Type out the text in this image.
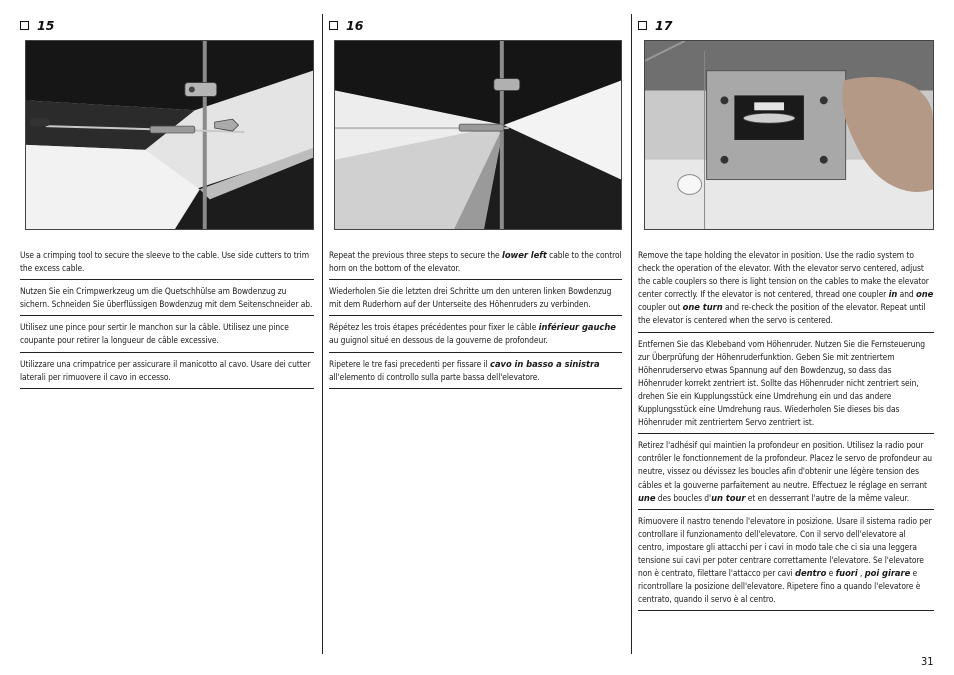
15

Use a crimping tool to secure the sleeve to the cable. Use side cutters to trim the excess cable.

Nutzen Sie ein Crimpwerkzeug um die Quetschhülse am Bowdenzug zu sichern. Schneiden Sie überflüssigen Bowdenzug mit dem Seitenschneider ab.

Utilisez une pince pour sertir le manchon sur la câble. Utilisez une pince coupante pour retirer la longueur de câble excessive.

Utilizzare una crimpatrice per assicurare il manicotto al cavo. Usare dei cutter laterali per rimuovere il cavo in eccesso.

16

Repeat the previous three steps to secure the lower left cable to the control horn on the bottom of the elevator.

Wiederholen Sie die letzten drei Schritte um den unteren linken Bowdenzug mit dem Ruderhorn auf der Unterseite des Höhenruders zu verbinden.

Répétez les trois étapes précédentes pour fixer le câble inférieur gauche au guignol situé en dessous de la gouverne de profondeur.

Ripetere le tre fasi precedenti per fissare il cavo in basso a sinistra all'elemento di controllo sulla parte bassa dell'elevatore.

17

Remove the tape holding the elevator in position. Use the radio system to check the operation of the elevator. With the elevator servo centered, adjust the cable couplers so there is light tension on the cables to make the elevator center correctly. If the elevator is not centered, thread one coupler in and one coupler out one turn and re-check the position of the elevator. Repeat until the elevator is centered when the servo is centered.

Entfernen Sie das Klebeband vom Höhenruder. Nutzen Sie die Fernsteuerung zur Überprüfung der Höhenruderfunktion. Geben Sie mit zentriertem Höhenruderservo etwas Spannung auf den Bowdenzug, so dass das Höhenruder korrekt zentriert ist. Sollte das Höhenruder nicht zentriert sein, drehen Sie ein Kupplungsstück eine Umdrehung ein und das andere Kupplungsstück eine Umdrehung raus. Wiederholen Sie dieses bis das Höhenruder mit zentriertem Servo zentriert ist.

Retirez l'adhésif qui maintien la profondeur en position. Utilisez la radio pour contrôler le fonctionnement de la profondeur. Placez le servo de profondeur au neutre, vissez ou dévissez les boucles afin d'obtenir une légère tension des câbles et la gouverne parfaitement au neutre. Effectuez le réglage en serrant une des boucles d'un tour et en desserrant l'autre de la même valeur.

Rimuovere il nastro tenendo l'elevatore in posizione. Usare il sistema radio per controllare il funzionamento dell'elevatore. Con il servo dell'elevatore al centro, impostare gli attacchi per i cavi in modo tale che ci sia una leggera tensione sui cavi per poter centrare correttamente l'elevatore. Se l'elevatore non è centrato, filettare l'attacco per cavi dentro e fuori , poi girare e ricontrollare la posizione dell'elevatore. Ripetere fino a quando l'elevatore è centrato, quando il servo è al centro.

31
